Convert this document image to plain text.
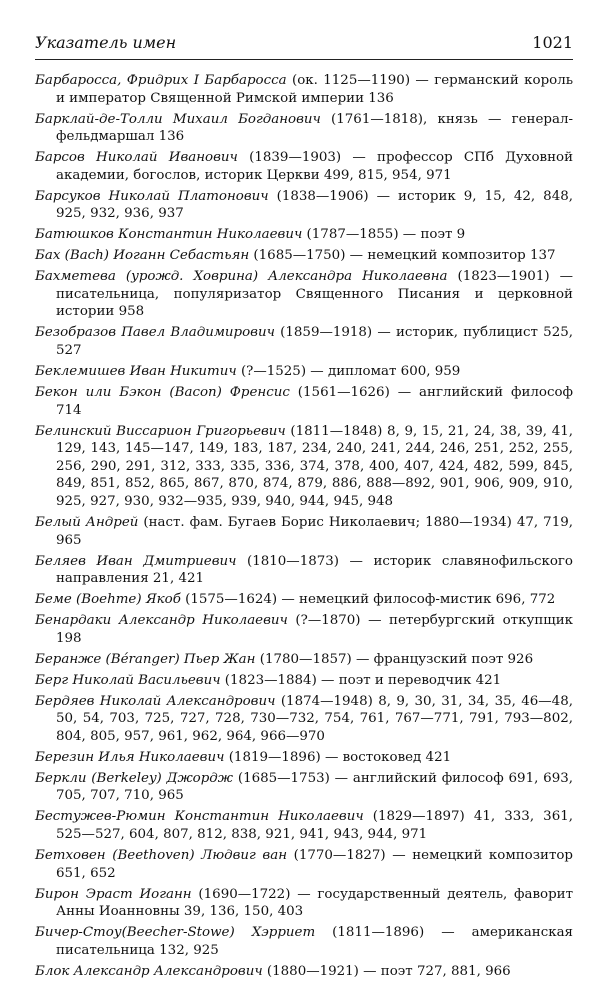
Указатель имен	1021

Барбаросса, Фридрих I Барбаросса (ок. 1125—1190) — германский король и император Священной Римской империи 136

Барклай-де-Толли Михаил Богданович (1761—1818), князь — генерал-фельдмаршал 136

Барсов Николай Иванович (1839—1903) — профессор СПб Духовной академии, богослов, историк Церкви 499, 815, 954, 971

Барсуков Николай Платонович (1838—1906) — историк 9, 15, 42, 848, 925, 932, 936, 937

Батюшков Константин Николаевич (1787—1855) — поэт 9

Бах (Bach) Иоганн Себастьян (1685—1750) — немецкий композитор 137

Бахметева (урожд. Ховрина) Александра Николаевна (1823—1901) — писательница, популяризатор Священного Писания и церковной истории 958

Безобразов Павел Владимирович (1859—1918) — историк, публицист 525, 527

Беклемишев Иван Никитич (?—1525) — дипломат 600, 959

Бекон или Бэкон (Bacon) Френсис (1561—1626) — английский философ 714

Белинский Виссарион Григорьевич (1811—1848) 8, 9, 15, 21, 24, 38, 39, 41, 129, 143, 145—147, 149, 183, 187, 234, 240, 241, 244, 246, 251, 252, 255, 256, 290, 291, 312, 333, 335, 336, 374, 378, 400, 407, 424, 482, 599, 845, 849, 851, 852, 865, 867, 870, 874, 879, 886, 888—892, 901, 906, 909, 910, 925, 927, 930, 932—935, 939, 940, 944, 945, 948

Белый Андрей (наст. фам. Бугаев Борис Николаевич; 1880—1934) 47, 719, 965

Беляев Иван Дмитриевич (1810—1873) — историк славянофильского направления 21, 421

Беме (Boehme) Якоб (1575—1624) — немецкий философ-мистик 696, 772

Бенардаки Александр Николаевич (?—1870) — петербургский откупщик 198

Беранже (Béranger) Пьер Жан (1780—1857) — французский поэт 926

Берг Николай Васильевич (1823—1884) — поэт и переводчик 421

Бердяев Николай Александрович (1874—1948) 8, 9, 30, 31, 34, 35, 46—48, 50, 54, 703, 725, 727, 728, 730—732, 754, 761, 767—771, 791, 793—802, 804, 805, 957, 961, 962, 964, 966—970

Березин Илья Николаевич (1819—1896) — востоковед 421

Беркли (Berkeley) Джордж (1685—1753) — английский философ 691, 693, 705, 707, 710, 965

Бестужев-Рюмин Константин Николаевич (1829—1897) 41, 333, 361, 525—527, 604, 807, 812, 838, 921, 941, 943, 944, 971

Бетховен (Beethoven) Людвиг ван (1770—1827) — немецкий композитор 651, 652

Бирон Эраст Иоганн (1690—1722) — государственный деятель, фаворит Анны Иоанновны 39, 136, 150, 403

Бичер-Стоу(Beecher-Stowe) Хэрриет (1811—1896) — американская писательница 132, 925

Блок Александр Александрович (1880—1921) — поэт 727, 881, 966
